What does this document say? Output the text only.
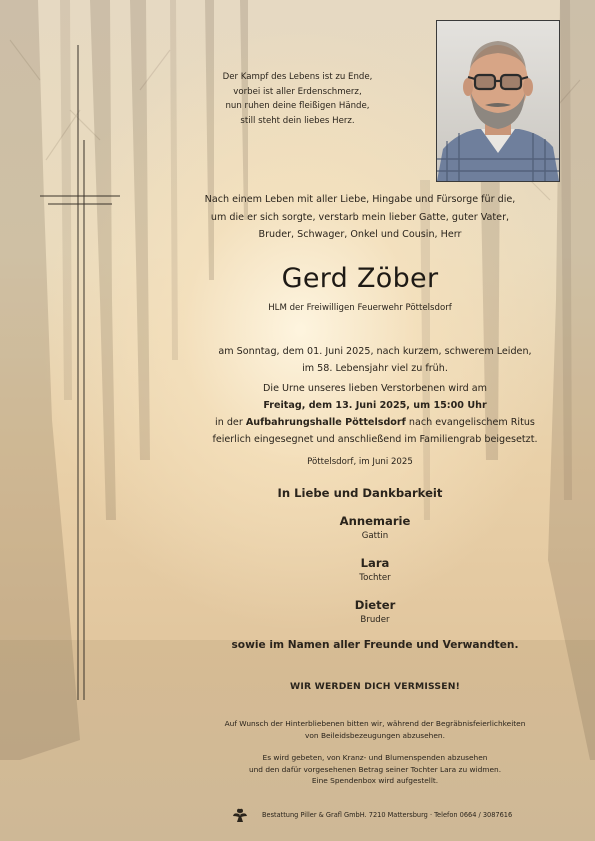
Der Kampf des Lebens ist zu Ende,
vorbei ist aller Erdenschmerz,
nun ruhen deine fleißigen Hände,
still steht dein liebes Herz.
Nach einem Leben mit aller Liebe, Hingabe und Fürsorge für die,
um die er sich sorgte, verstarb mein lieber Gatte, guter Vater,
Bruder, Schwager, Onkel und Cousin, Herr
Gerd Zöber
HLM der Freiwilligen Feuerwehr Pöttelsdorf
am Sonntag, dem 01. Juni 2025, nach kurzem, schwerem Leiden,
im 58. Lebensjahr viel zu früh.
Die Urne unseres lieben Verstorbenen wird am
Freitag, dem 13. Juni 2025, um 15:00 Uhr
in der Aufbahrungshalle Pöttelsdorf nach evangelischem Ritus
feierlich eingesegnet und anschließend im Familiengrab beigesetzt.
Pöttelsdorf, im Juni 2025
In Liebe und Dankbarkeit
Annemarie
Gattin
Lara
Tochter
Dieter
Bruder
sowie im Namen aller Freunde und Verwandten.
WIR WERDEN DICH VERMISSEN!
Auf Wunsch der Hinterbliebenen bitten wir, während der Begräbnisfeierlichkeiten
von Beileidsbezeugungen abzusehen.
Es wird gebeten, von Kranz- und Blumenspenden abzusehen
und den dafür vorgesehenen Betrag seiner Tochter Lara zu widmen.
Eine Spendenbox wird aufgestellt.
Bestattung Piller & Grafl GmbH. 7210 Mattersburg · Telefon 0664 / 3087616
